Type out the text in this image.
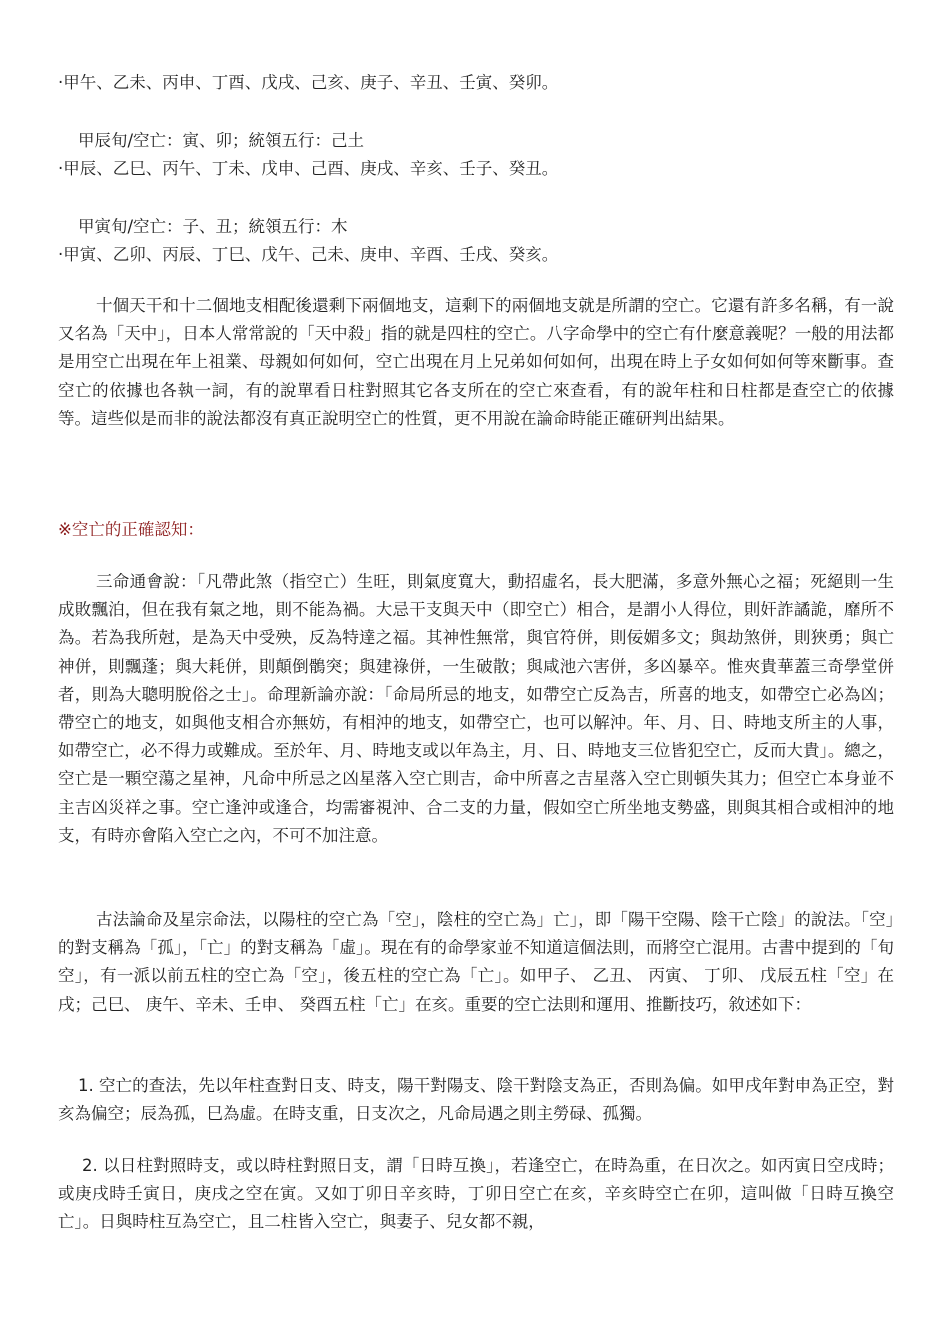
·甲午、乙未、丙申、丁酉、戊戌、己亥、庚子、辛丑、壬寅、癸卯。
甲辰旬/空亡：寅、卯；統領五行：己土
·甲辰、乙巳、丙午、丁未、戊申、己酉、庚戌、辛亥、壬子、癸丑。
甲寅旬/空亡：子、丑；統領五行：木
·甲寅、乙卯、丙辰、丁巳、戊午、己未、庚申、辛酉、壬戌、癸亥。
十個天干和十二個地支相配後還剩下兩個地支，這剩下的兩個地支就是所謂的空亡。它還有許多名稱，有一說又名為「天中」，日本人常常說的「天中殺」指的就是四柱的空亡。八字命學中的空亡有什麼意義呢？一般的用法都是用空亡出現在年上祖業、母親如何如何，空亡出現在月上兄弟如何如何，出現在時上子女如何如何等來斷事。查空亡的依據也各執一詞，有的說單看日柱對照其它各支所在的空亡來查看，有的說年柱和日柱都是查空亡的依據等。這些似是而非的說法都沒有真正說明空亡的性質，更不用說在論命時能正確研判出結果。
※空亡的正確認知：
三命通會說：「凡帶此煞（指空亡）生旺，則氣度寬大，動招虛名，長大肥滿，多意外無心之福；死絕則一生成敗飄泊，但在我有氣之地，則不能為禍。大忌干支與天中（即空亡）相合，是謂小人得位，則奸詐譎詭，靡所不為。若為我所尅，是為天中受殃，反為特達之福。其神性無常，與官符併，則佞媚多文；與劫煞併，則狹勇；與亡神併，則飄蓬；與大耗併，則顛倒鶻突；與建祿併，一生破散；與咸池六害併，多凶暴卒。惟夾貴華蓋三奇學堂併者，則為大聰明脫俗之士」。命理新論亦說：「命局所忌的地支，如帶空亡反為吉，所喜的地支，如帶空亡必為凶；帶空亡的地支，如與他支相合亦無妨，有相沖的地支，如帶空亡，也可以解沖。年、月、日、時地支所主的人事，如帶空亡，必不得力或難成。至於年、月、時地支或以年為主，月、日、時地支三位皆犯空亡，反而大貴」。總之，空亡是一顆空蕩之星神，凡命中所忌之凶星落入空亡則吉，命中所喜之吉星落入空亡則頓失其力；但空亡本身並不主吉凶災祥之事。空亡逢沖或逢合，均需審視沖、合二支的力量，假如空亡所坐地支勢盛，則與其相合或相沖的地支，有時亦會陷入空亡之內，不可不加注意。
古法論命及星宗命法，以陽柱的空亡為「空」，陰柱的空亡為」亡」，即「陽干空陽、陰干亡陰」的說法。「空」的對支稱為「孤」，「亡」的對支稱為「虛」。現在有的命學家並不知道這個法則，而將空亡混用。古書中提到的「旬空」，有一派以前五柱的空亡為「空」，後五柱的空亡為「亡」。如甲子、 乙丑、 丙寅、 丁卯、 戊辰五柱「空」在戌；己巳、 庚午、辛未、壬申、 癸酉五柱「亡」在亥。重要的空亡法則和運用、推斷技巧，敘述如下：
1. 空亡的查法，先以年柱查對日支、時支，陽干對陽支、陰干對陰支為正，否則為偏。如甲戌年對申為正空，對亥為偏空；辰為孤，巳為虛。在時支重，日支次之，凡命局遇之則主勞碌、孤獨。
2. 以日柱對照時支，或以時柱對照日支，謂「日時互換」，若逢空亡，在時為重，在日次之。如丙寅日空戌時；或庚戌時壬寅日，庚戌之空在寅。又如丁卯日辛亥時，丁卯日空亡在亥，辛亥時空亡在卯，這叫做「日時互換空亡」。日與時柱互為空亡，且二柱皆入空亡，與妻子、兒女都不親，
